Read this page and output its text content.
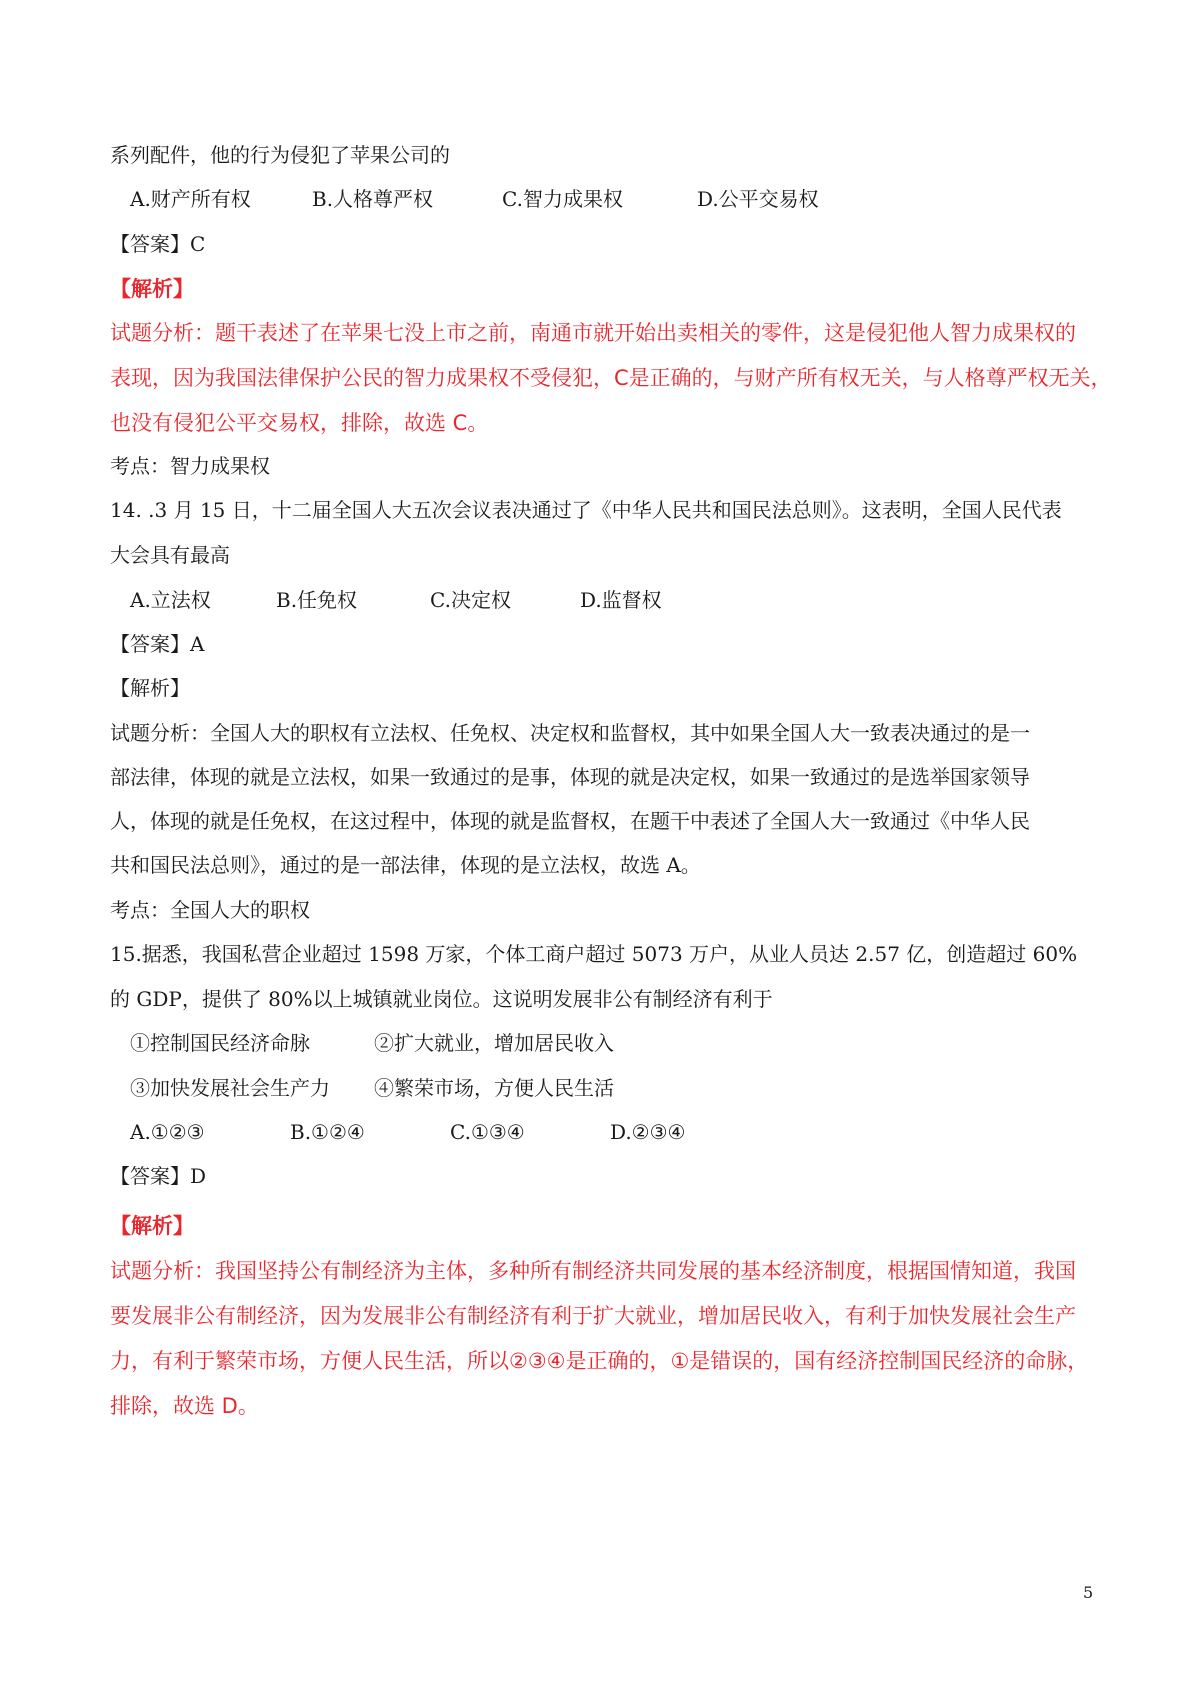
系列配件，他的行为侵犯了苹果公司的
A.财产所有权	B.人格尊严权	C.智力成果权	D.公平交易权
【答案】C
【解析】
试题分析：题干表述了在苹果七没上市之前，南通市就开始出卖相关的零件，这是侵犯他人智力成果权的
表现，因为我国法律保护公民的智力成果权不受侵犯，C是正确的，与财产所有权无关，与人格尊严权无关，
也没有侵犯公平交易权，排除，故选 C。
考点：智力成果权
14. .3 月 15 日，十二届全国人大五次会议表决通过了《中华人民共和国民法总则》。这表明，全国人民代表
大会具有最高
A.立法权	B.任免权	C.决定权	D.监督权
【答案】A
【解析】
试题分析：全国人大的职权有立法权、任免权、决定权和监督权，其中如果全国人大一致表决通过的是一
部法律，体现的就是立法权，如果一致通过的是事，体现的就是决定权，如果一致通过的是选举国家领导
人，体现的就是任免权，在这过程中，体现的就是监督权，在题干中表述了全国人大一致通过《中华人民
共和国民法总则》，通过的是一部法律，体现的是立法权，故选 A。
考点：全国人大的职权
15.据悉，我国私营企业超过 1598 万家，个体工商户超过 5073 万户，从业人员达 2.57 亿，创造超过 60%
的 GDP，提供了 80%以上城镇就业岗位。这说明发展非公有制经济有利于
①控制国民经济命脉	②扩大就业，增加居民收入
③加快发展社会生产力 ④繁荣市场，方便人民生活
A.①②③	B.①②④	C.①③④	D.②③④
【答案】D
【解析】
试题分析：我国坚持公有制经济为主体，多种所有制经济共同发展的基本经济制度，根据国情知道，我国
要发展非公有制经济，因为发展非公有制经济有利于扩大就业，增加居民收入，有利于加快发展社会生产
力，有利于繁荣市场，方便人民生活，所以②③④是正确的，①是错误的，国有经济控制国民经济的命脉，
排除，故选 D。
5
